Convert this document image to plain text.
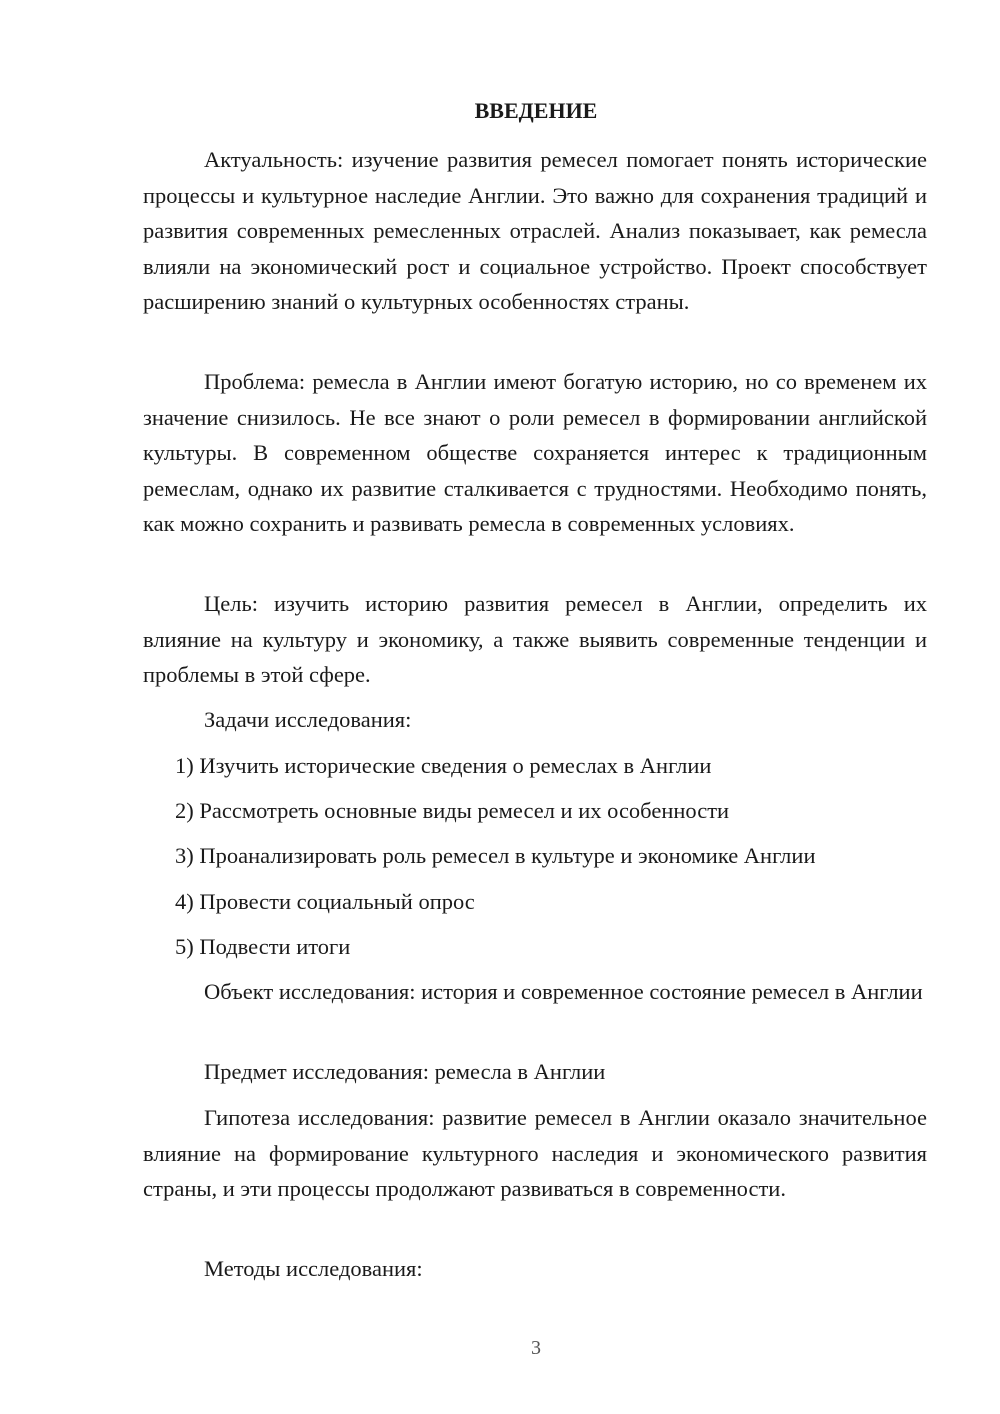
ВВЕДЕНИЕ

Актуальность: изучение развития ремесел помогает понять исторические процессы и культурное наследие Англии. Это важно для сохранения традиций и развития современных ремесленных отраслей. Анализ показывает, как ремесла влияли на экономический рост и социальное устройство. Проект способствует расширению знаний о культурных особенностях страны.

Проблема: ремесла в Англии имеют богатую историю, но со временем их значение снизилось. Не все знают о роли ремесел в формировании английской культуры. В современном обществе сохраняется интерес к традиционным ремеслам, однако их развитие сталкивается с трудностями. Необходимо понять, как можно сохранить и развивать ремесла в современных условиях.

Цель: изучить историю развития ремесел в Англии, определить их влияние на культуру и экономику, а также выявить современные тенденции и проблемы в этой сфере.

Задачи исследования:

1) Изучить исторические сведения о ремеслах в Англии

2) Рассмотреть основные виды ремесел и их особенности

3) Проанализировать роль ремесел в культуре и экономике Англии

4) Провести социальный опрос

5) Подвести итоги

Объект исследования: история и современное состояние ремесел в Англии

Предмет исследования: ремесла в Англии

Гипотеза исследования: развитие ремесел в Англии оказало значительное влияние на формирование культурного наследия и экономического развития страны, и эти процессы продолжают развиваться в современности.

Методы исследования:

3
